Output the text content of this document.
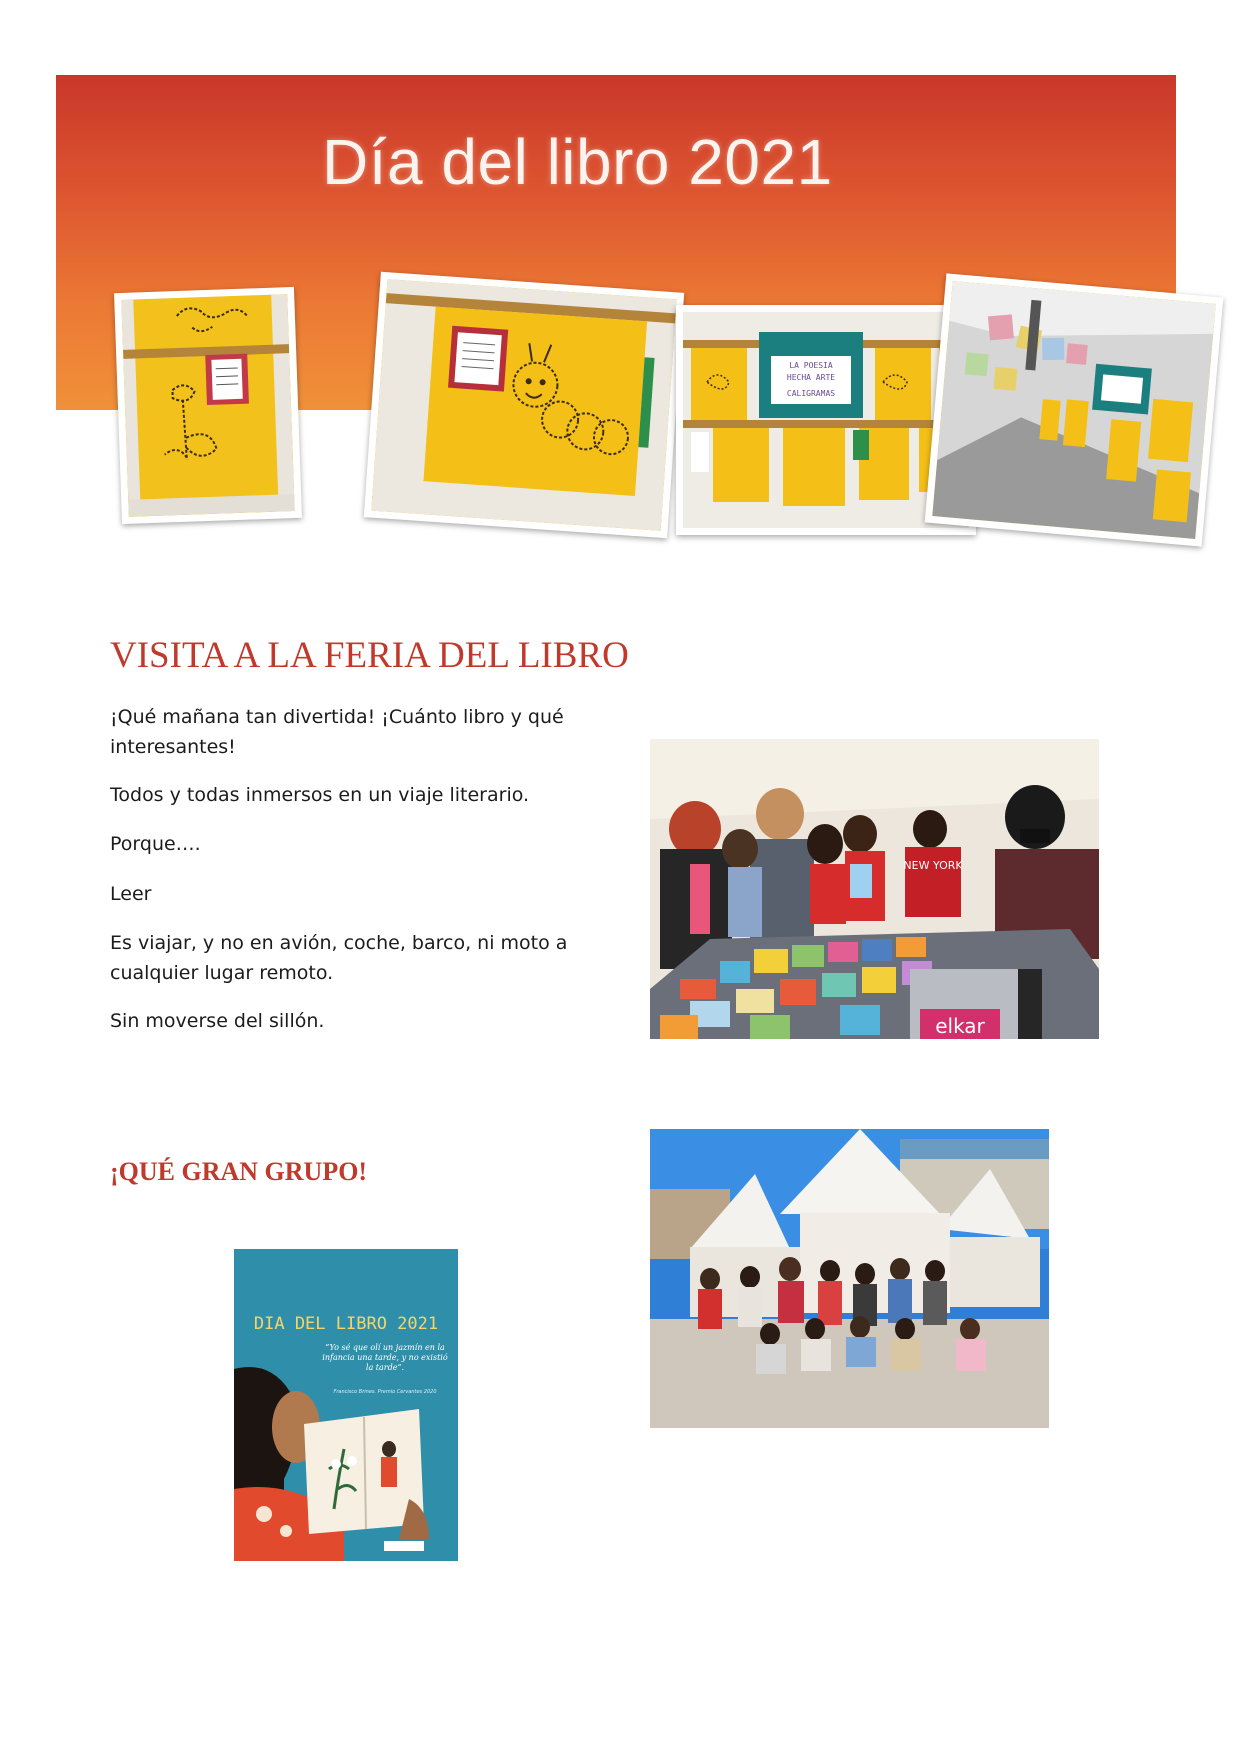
Día del libro 2021
LA POESIA
HECHA ARTE
CALIGRAMAS
VISITA A LA FERIA DEL LIBRO

¡Qué mañana tan divertida! ¡Cuánto libro y qué interesantes!

Todos y todas inmersos en un viaje literario.

Porque….

Leer

Es viajar, y no en avión, coche, barco, ni moto a cualquier lugar remoto.

Sin moverse del sillón.

NEW YORK
elkar
¡QUÉ GRAN GRUPO!
DIA DEL LIBRO 2021
“Yo sé que olí un jazmín en la infancia una tarde, y no existió la tarde”.
Francisco Brines. Premio Cervantes 2020
